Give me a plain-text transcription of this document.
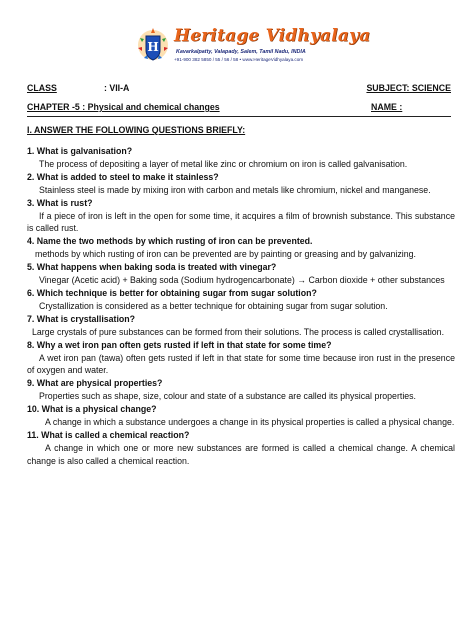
H
Heritage Vidhyalaya
Kavarkalpatty, Valapady, Salem, Tamil Nadu, INDIA
+91-900 382 5850 / 55 / 56 / 58 • www.HeritageVidhyalaya.com
CLASS	: VII-A	SUBJECT: SCIENCE
CHAPTER -5 : Physical and chemical changes	NAME :
I. ANSWER THE FOLLOWING QUESTIONS BRIEFLY:

1. What is galvanisation?

The process of depositing a layer of metal like zinc or chromium on iron is called galvanisation.

2. What is added to steel to make it stainless?

Stainless steel is made by mixing iron with carbon and metals like chromium, nickel and manganese.

3. What is rust?

If a piece of iron is left in the open for some time, it acquires a film of brownish substance. This substance is called rust.

4. Name the two methods by which rusting of iron can be prevented.

methods by which rusting of iron can be prevented are by painting or greasing and by galvanizing.

5. What happens when baking soda is treated with vinegar?

Vinegar (Acetic acid) + Baking soda (Sodium hydrogencarbonate) → Carbon dioxide + other substances

6. Which technique is better for obtaining sugar from sugar solution?

Crystallization is considered as a better technique for obtaining sugar from sugar solution.

7. What is crystallisation?

Large crystals of pure substances can be formed from their solutions. The process is called crystallisation.

8. Why a wet iron pan often gets rusted if left in that state for some time?

A wet iron pan (tawa) often gets rusted if left in that state for some time because iron rust in the presence of oxygen and water.

9. What are physical properties?

Properties such as shape, size, colour and state of a substance are called its physical properties.

10. What is a physical change?

A change in which a substance undergoes a change in its physical properties is called a physical change.

11. What is called a chemical reaction?

A change in which one or more new substances are formed is called a chemical change. A chemical change is also called a chemical reaction.
